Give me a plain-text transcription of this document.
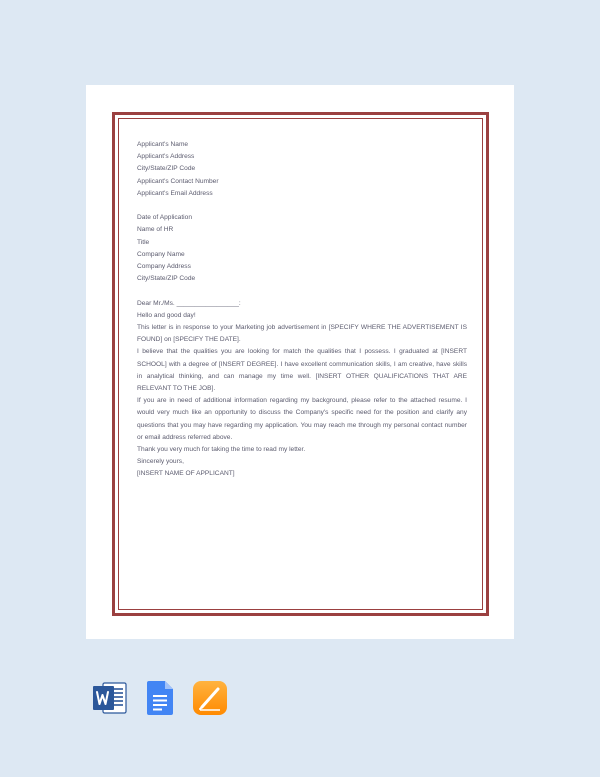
Applicant's Name

Applicant's Address

City/State/ZIP Code

Applicant's Contact Number

Applicant's Email Address

Date of Application

Name of HR

Title

Company Name

Company Address

City/State/ZIP Code

Dear Mr./Ms. _________________:

Hello and good day!

This letter is in response to your Marketing job advertisement in [SPECIFY WHERE THE ADVERTISEMENT IS FOUND] on [SPECIFY THE DATE].

I believe that the qualities you are looking for match the qualities that I possess. I graduated at [INSERT SCHOOL] with a degree of [INSERT DEGREE]. I have excellent communication skills, I am creative, have skills in analytical thinking, and can manage my time well. [INSERT OTHER QUALIFICATIONS THAT ARE RELEVANT TO THE JOB].

If you are in need of additional information regarding my background, please refer to the attached resume. I would very much like an opportunity to discuss the Company's specific need for the position and clarify any questions that you may have regarding my application. You may reach me through my personal contact number or email address referred above.

Thank you very much for taking the time to read my letter.

Sincerely yours,

[INSERT NAME OF APPLICANT]
